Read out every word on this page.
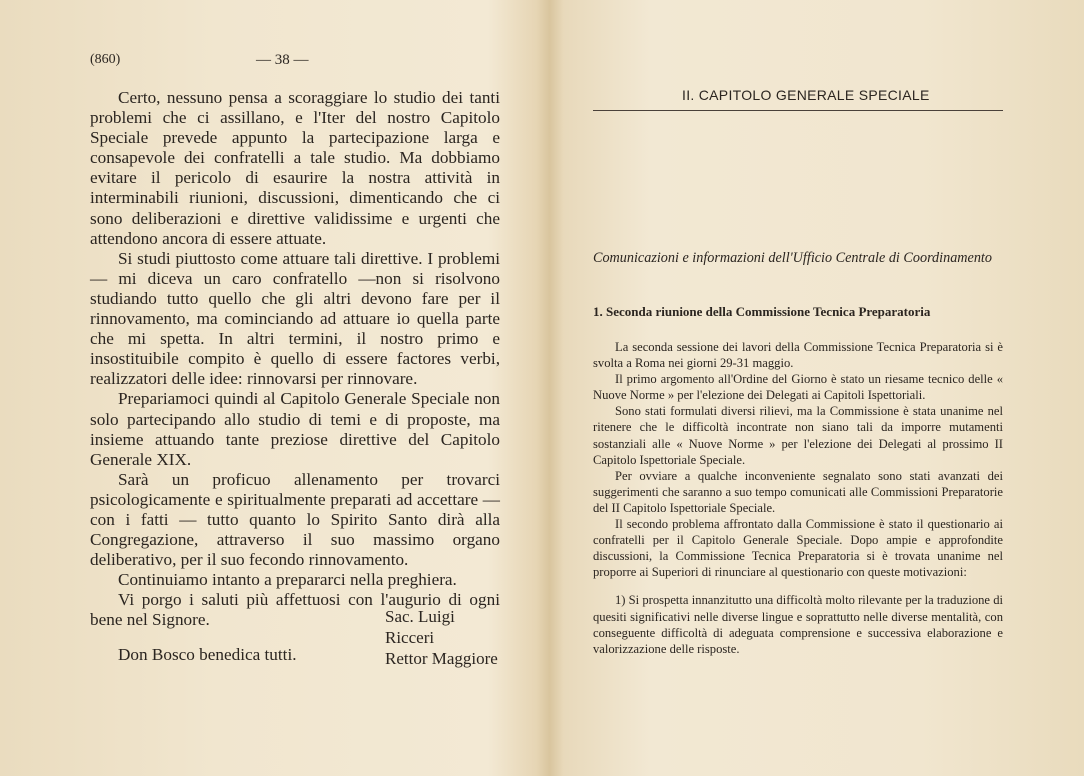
(860)	— 38 —

Certo, nessuno pensa a scoraggiare lo studio dei tanti problemi che ci assillano, e l'Iter del nostro Capitolo Speciale prevede appunto la partecipazione larga e consapevole dei confratelli a tale studio. Ma dobbiamo evitare il pericolo di esaurire la nostra attività in interminabili riunioni, discussioni, dimenticando che ci sono deliberazioni e direttive validissime e urgenti che attendono ancora di essere attuate.

Si studi piuttosto come attuare tali direttive. I problemi — mi diceva un caro confratello —non si risolvono studiando tutto quello che gli altri devono fare per il rinnovamento, ma cominciando ad attuare io quella parte che mi spetta. In altri termini, il nostro primo e insostituibile compito è quello di essere factores verbi, realizzatori delle idee: rinnovarsi per rinnovare.

Prepariamoci quindi al Capitolo Generale Speciale non solo partecipando allo studio di temi e di proposte, ma insieme attuando tante preziose direttive del Capitolo Generale XIX.

Sarà un proficuo allenamento per trovarci psicologicamente e spiritualmente preparati ad accettare — con i fatti — tutto quanto lo Spirito Santo dirà alla Congregazione, attraverso il suo massimo organo deliberativo, per il suo fecondo rinnovamento.

Continuiamo intanto a prepararci nella preghiera.

Vi porgo i saluti più affettuosi con l'augurio di ogni bene nel Signore.

Don Bosco benedica tutti.

Sac. Luigi Ricceri
Rettor Maggiore
II. CAPITOLO GENERALE SPECIALE
Comunicazioni e informazioni dell'Ufficio Centrale di Coordinamento
1. Seconda riunione della Commissione Tecnica Preparatoria

La seconda sessione dei lavori della Commissione Tecnica Preparatoria si è svolta a Roma nei giorni 29-31 maggio.

Il primo argomento all'Ordine del Giorno è stato un riesame tecnico delle « Nuove Norme » per l'elezione dei Delegati ai Capitoli Ispettoriali.

Sono stati formulati diversi rilievi, ma la Commissione è stata unanime nel ritenere che le difficoltà incontrate non siano tali da imporre mutamenti sostanziali alle « Nuove Norme » per l'elezione dei Delegati al prossimo II Capitolo Ispettoriale Speciale.

Per ovviare a qualche inconveniente segnalato sono stati avanzati dei suggerimenti che saranno a suo tempo comunicati alle Commissioni Preparatorie del II Capitolo Ispettoriale Speciale.

Il secondo problema affrontato dalla Commissione è stato il questionario ai confratelli per il Capitolo Generale Speciale. Dopo ampie e approfondite discussioni, la Commissione Tecnica Preparatoria si è trovata unanime nel proporre ai Superiori di rinunciare al questionario con queste motivazioni:

1) Si prospetta innanzitutto una difficoltà molto rilevante per la traduzione di quesiti significativi nelle diverse lingue e soprattutto nelle diverse mentalità, con conseguente difficoltà di adeguata comprensione e successiva elaborazione e valorizzazione delle risposte.
